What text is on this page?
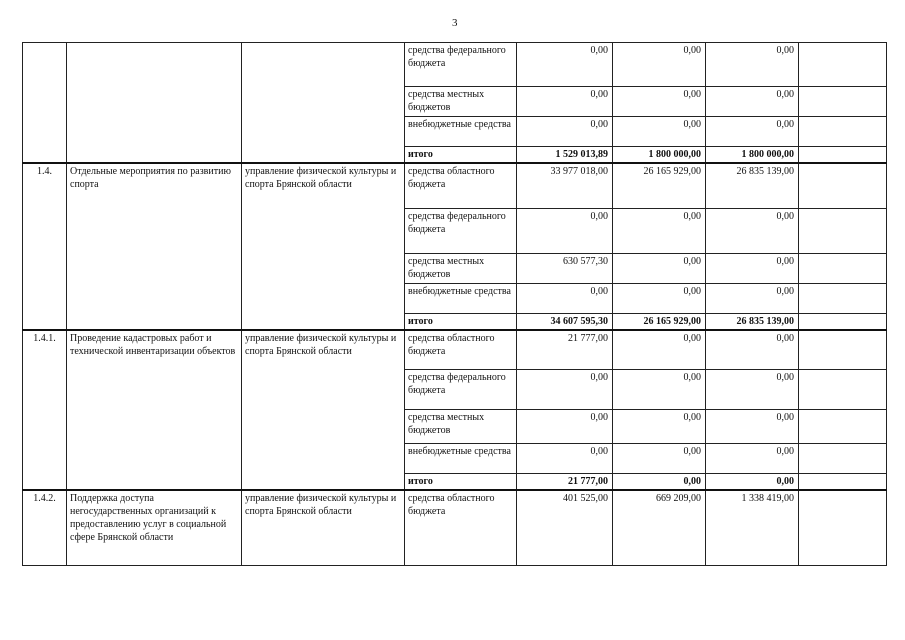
3
			средства федерального бюджета	0,00	0,00	0,00	
			средства местных бюджетов	0,00	0,00	0,00	
			внебюджетные средства	0,00	0,00	0,00	
			итого	1 529 013,89	1 800 000,00	1 800 000,00	
1.4.	Отдельные мероприятия по развитию спорта	управление физической культуры и спорта Брянской области	средства областного бюджета	33 977 018,00	26 165 929,00	26 835 139,00	
			средства федерального бюджета	0,00	0,00	0,00	
			средства местных бюджетов	630 577,30	0,00	0,00	
			внебюджетные средства	0,00	0,00	0,00	
			итого	34 607 595,30	26 165 929,00	26 835 139,00	
1.4.1.	Проведение кадастровых работ и технической инвентаризации объектов	управление физической культуры и спорта Брянской области	средства областного бюджета	21 777,00	0,00	0,00	
			средства федерального бюджета	0,00	0,00	0,00	
			средства местных бюджетов	0,00	0,00	0,00	
			внебюджетные средства	0,00	0,00	0,00	
			итого	21 777,00	0,00	0,00	
1.4.2.	Поддержка доступа негосударственных организаций к предоставлению услуг в социальной сфере Брянской области	управление физической культуры и спорта Брянской области	средства областного бюджета	401 525,00	669 209,00	1 338 419,00	
